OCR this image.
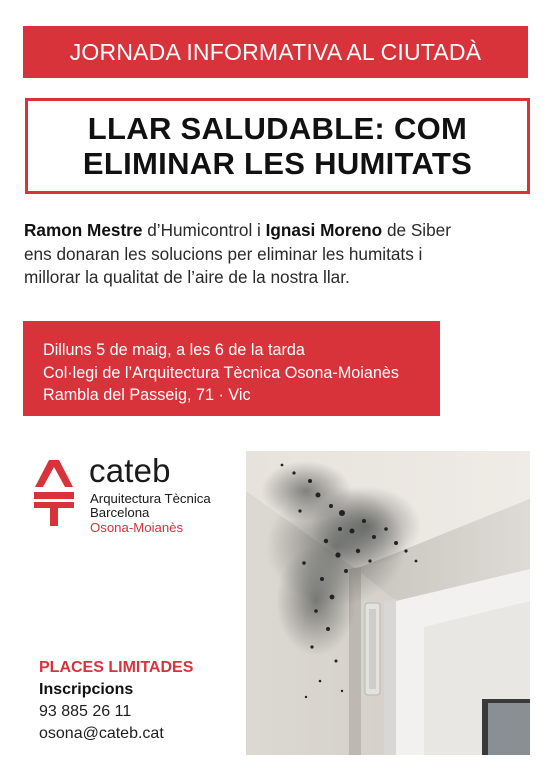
JORNADA INFORMATIVA AL CIUTADÀ
LLAR SALUDABLE: COM
ELIMINAR LES HUMITATS
Ramon Mestre d’Humicontrol i Ignasi Moreno de Siber
ens donaran les solucions per eliminar les humitats i
millorar la qualitat de l’aire de la nostra llar.
Dilluns 5 de maig, a les 6 de la tarda
Col·legi de l’Arquitectura Tècnica Osona-Moianès
Rambla del Passeig, 71 · Vic
cateb
Arquitectura Tècnica
Barcelona
Osona-Moianès
PLACES LIMITADES
Inscripcions
93 885 26 11
osona@cateb.cat
